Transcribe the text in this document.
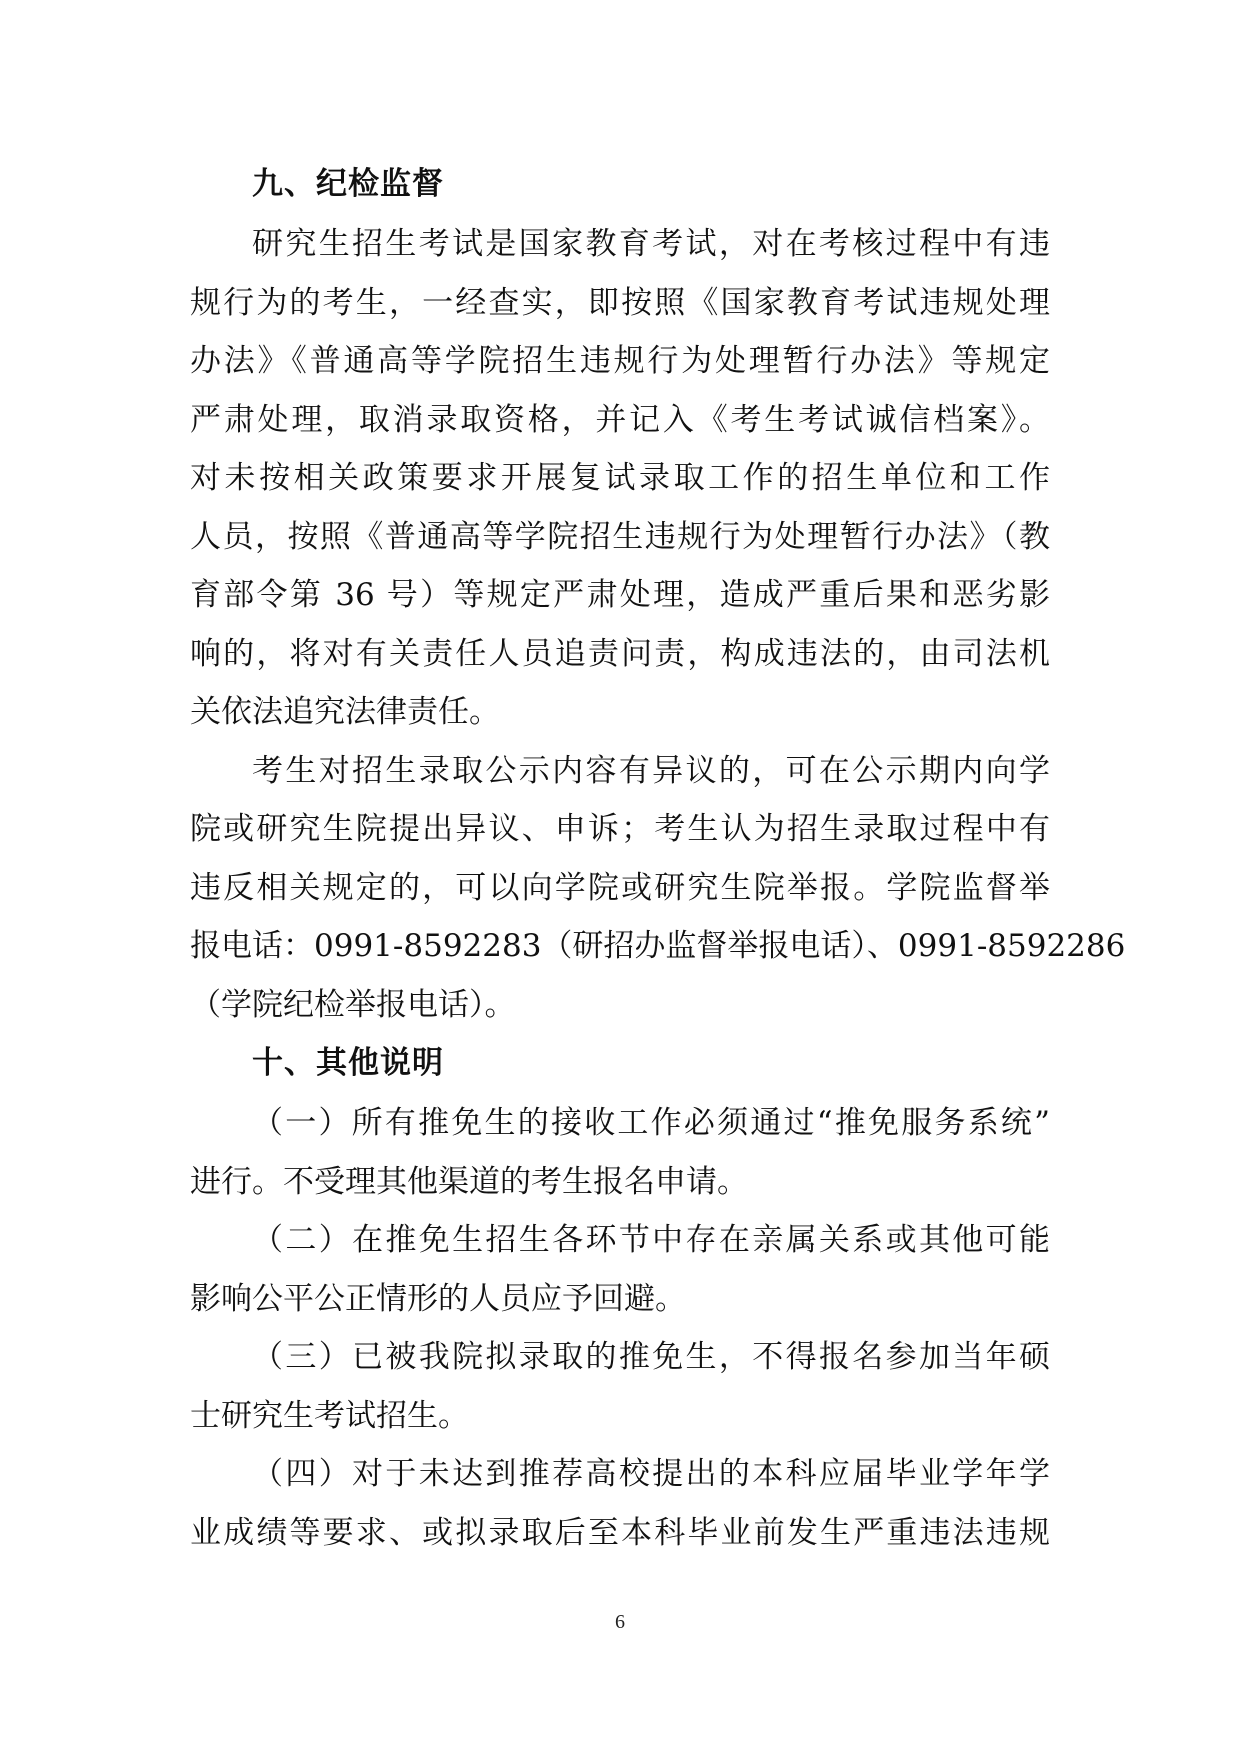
九、纪检监督
研究生招生考试是国家教育考试，对在考核过程中有违
规行为的考生，一经查实，即按照《国家教育考试违规处理
办法》《普通高等学院招生违规行为处理暂行办法》等规定
严肃处理，取消录取资格，并记入《考生考试诚信档案》。
对未按相关政策要求开展复试录取工作的招生单位和工作
人员，按照《普通高等学院招生违规行为处理暂行办法》（教
育部令第 36 号）等规定严肃处理，造成严重后果和恶劣影
响的，将对有关责任人员追责问责，构成违法的，由司法机
关依法追究法律责任。
考生对招生录取公示内容有异议的，可在公示期内向学
院或研究生院提出异议、申诉；考生认为招生录取过程中有
违反相关规定的，可以向学院或研究生院举报。学院监督举
报电话：0991-8592283（研招办监督举报电话）、0991-8592286
（学院纪检举报电话）。
十、其他说明
（一）所有推免生的接收工作必须通过“推免服务系统”
进行。不受理其他渠道的考生报名申请。
（二）在推免生招生各环节中存在亲属关系或其他可能
影响公平公正情形的人员应予回避。
（三）已被我院拟录取的推免生，不得报名参加当年硕
士研究生考试招生。
（四）对于未达到推荐高校提出的本科应届毕业学年学
业成绩等要求、或拟录取后至本科毕业前发生严重违法违规
6
